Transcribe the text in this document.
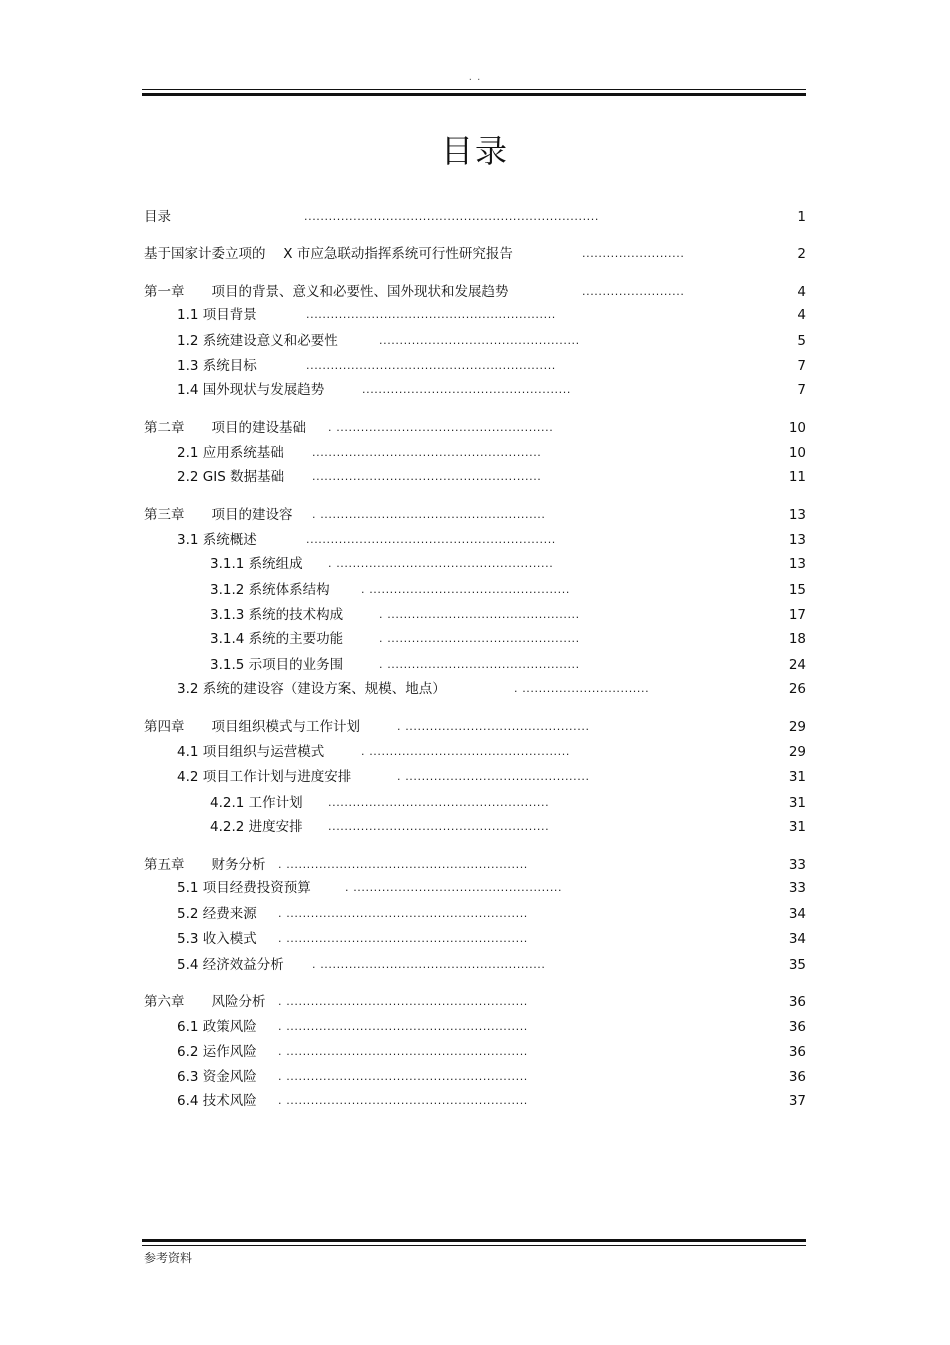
. .
目录
目录	........................................................................	1
基于国家计委立项的　 X 市应急联动指挥系统可行性研究报告	.........................	2
第一章　　项目的背景、意义和必要性、国外现状和发展趋势	.........................	4
1.1 项目背景	.............................................................	4
1.2 系统建设意义和必要性	.................................................	5
1.3 系统目标	.............................................................	7
1.4 国外现状与发展趋势	...................................................	7
第二章　　项目的建设基础 . .....................................................	10
2.1 应用系统基础	........................................................	10
2.2 GIS 数据基础	........................................................	11
第三章　　项目的建设容 . .......................................................	13
3.1 系统概述	.............................................................	13
3.1.1 系统组成 . .....................................................	13
3.1.2 系统体系结构	. .................................................	15
3.1.3 系统的技术构成	. ...............................................	17
3.1.4 系统的主要功能	. ...............................................	18
3.1.5 示项目的业务围	. ...............................................	24
3.2 系统的建设容（建设方案、规模、地点）	. ...............................	26
第四章　　项目组织模式与工作计划	. .............................................	29
4.1 项目组织与运营模式	. .................................................	29
4.2 项目工作计划与进度安排	. .............................................	31
4.2.1 工作计划 ......................................................	31
4.2.2 进度安排 ......................................................	31
第五章　　财务分析 . ...........................................................	33
5.1 项目经费投资预算	. ...................................................	33
5.2 经费来源 . ...........................................................	34
5.3 收入模式 . ...........................................................	34
5.4 经济效益分析	. .......................................................	35
第六章　　风险分析 . ...........................................................	36
6.1 政策风险 . ...........................................................	36
6.2 运作风险 . ...........................................................	36
6.3 资金风险 . ...........................................................	36
6.4 技术风险 . ...........................................................	37
参考资料
